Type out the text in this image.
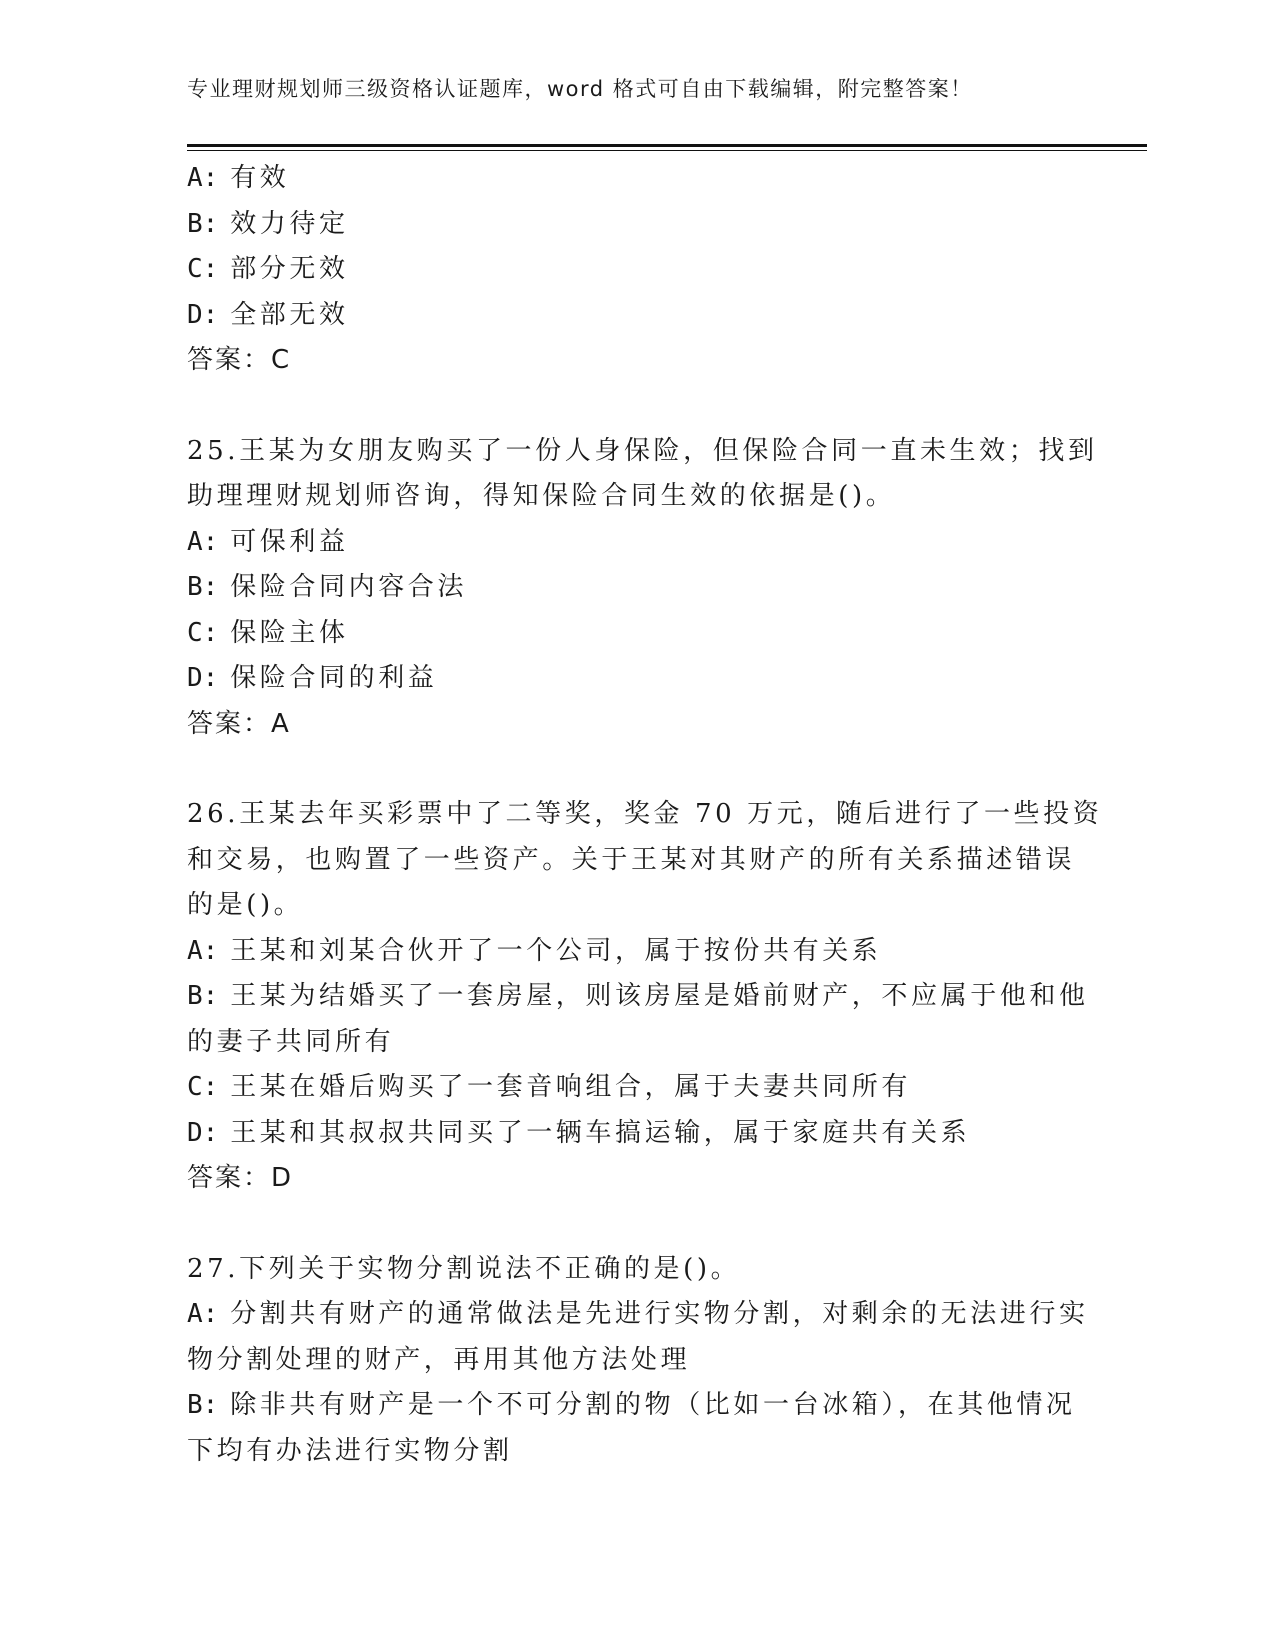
专业理财规划师三级资格认证题库，word 格式可自由下载编辑，附完整答案！
A: 有效
B: 效力待定
C: 部分无效
D: 全部无效
答案：C
25.王某为女朋友购买了一份人身保险，但保险合同一直未生效；找到
助理理财规划师咨询，得知保险合同生效的依据是()。
A: 可保利益
B: 保险合同内容合法
C: 保险主体
D: 保险合同的利益
答案：A
26.王某去年买彩票中了二等奖，奖金 70 万元，随后进行了一些投资
和交易，也购置了一些资产。关于王某对其财产的所有关系描述错误
的是()。
A: 王某和刘某合伙开了一个公司，属于按份共有关系
B: 王某为结婚买了一套房屋，则该房屋是婚前财产，不应属于他和他
的妻子共同所有
C: 王某在婚后购买了一套音响组合，属于夫妻共同所有
D: 王某和其叔叔共同买了一辆车搞运输，属于家庭共有关系
答案：D
27.下列关于实物分割说法不正确的是()。
A: 分割共有财产的通常做法是先进行实物分割，对剩余的无法进行实
物分割处理的财产，再用其他方法处理
B: 除非共有财产是一个不可分割的物（比如一台冰箱），在其他情况
下均有办法进行实物分割
